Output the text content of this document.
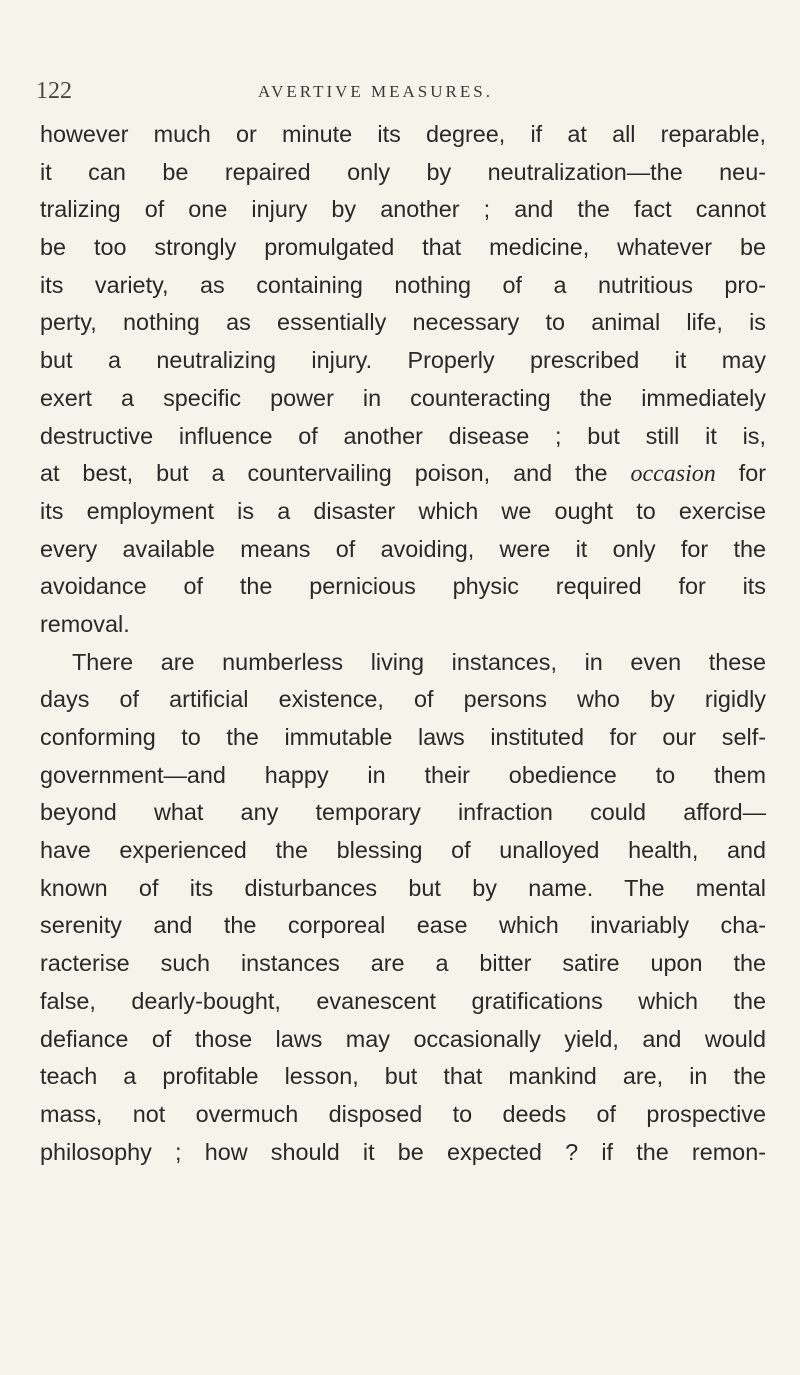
122	AVERTIVE MEASURES.
however much or minute its degree, if at all reparable,
it can be repaired only by neutralization—the neu-
tralizing of one injury by another ; and the fact cannot
be too strongly promulgated that medicine, whatever be
its variety, as containing nothing of a nutritious pro-
perty, nothing as essentially necessary to animal life, is
but a neutralizing injury. Properly prescribed it may
exert a specific power in counteracting the immediately
destructive influence of another disease ; but still it is,
at best, but a countervailing poison, and the occasion for
its employment is a disaster which we ought to exercise
every available means of avoiding, were it only for the
avoidance of the pernicious physic required for its
removal.
There are numberless living instances, in even these
days of artificial existence, of persons who by rigidly
conforming to the immutable laws instituted for our self-
government—and happy in their obedience to them
beyond what any temporary infraction could afford—
have experienced the blessing of unalloyed health, and
known of its disturbances but by name. The mental
serenity and the corporeal ease which invariably cha-
racterise such instances are a bitter satire upon the
false, dearly-bought, evanescent gratifications which the
defiance of those laws may occasionally yield, and would
teach a profitable lesson, but that mankind are, in the
mass, not overmuch disposed to deeds of prospective
philosophy ; how should it be expected ? if the remon-
